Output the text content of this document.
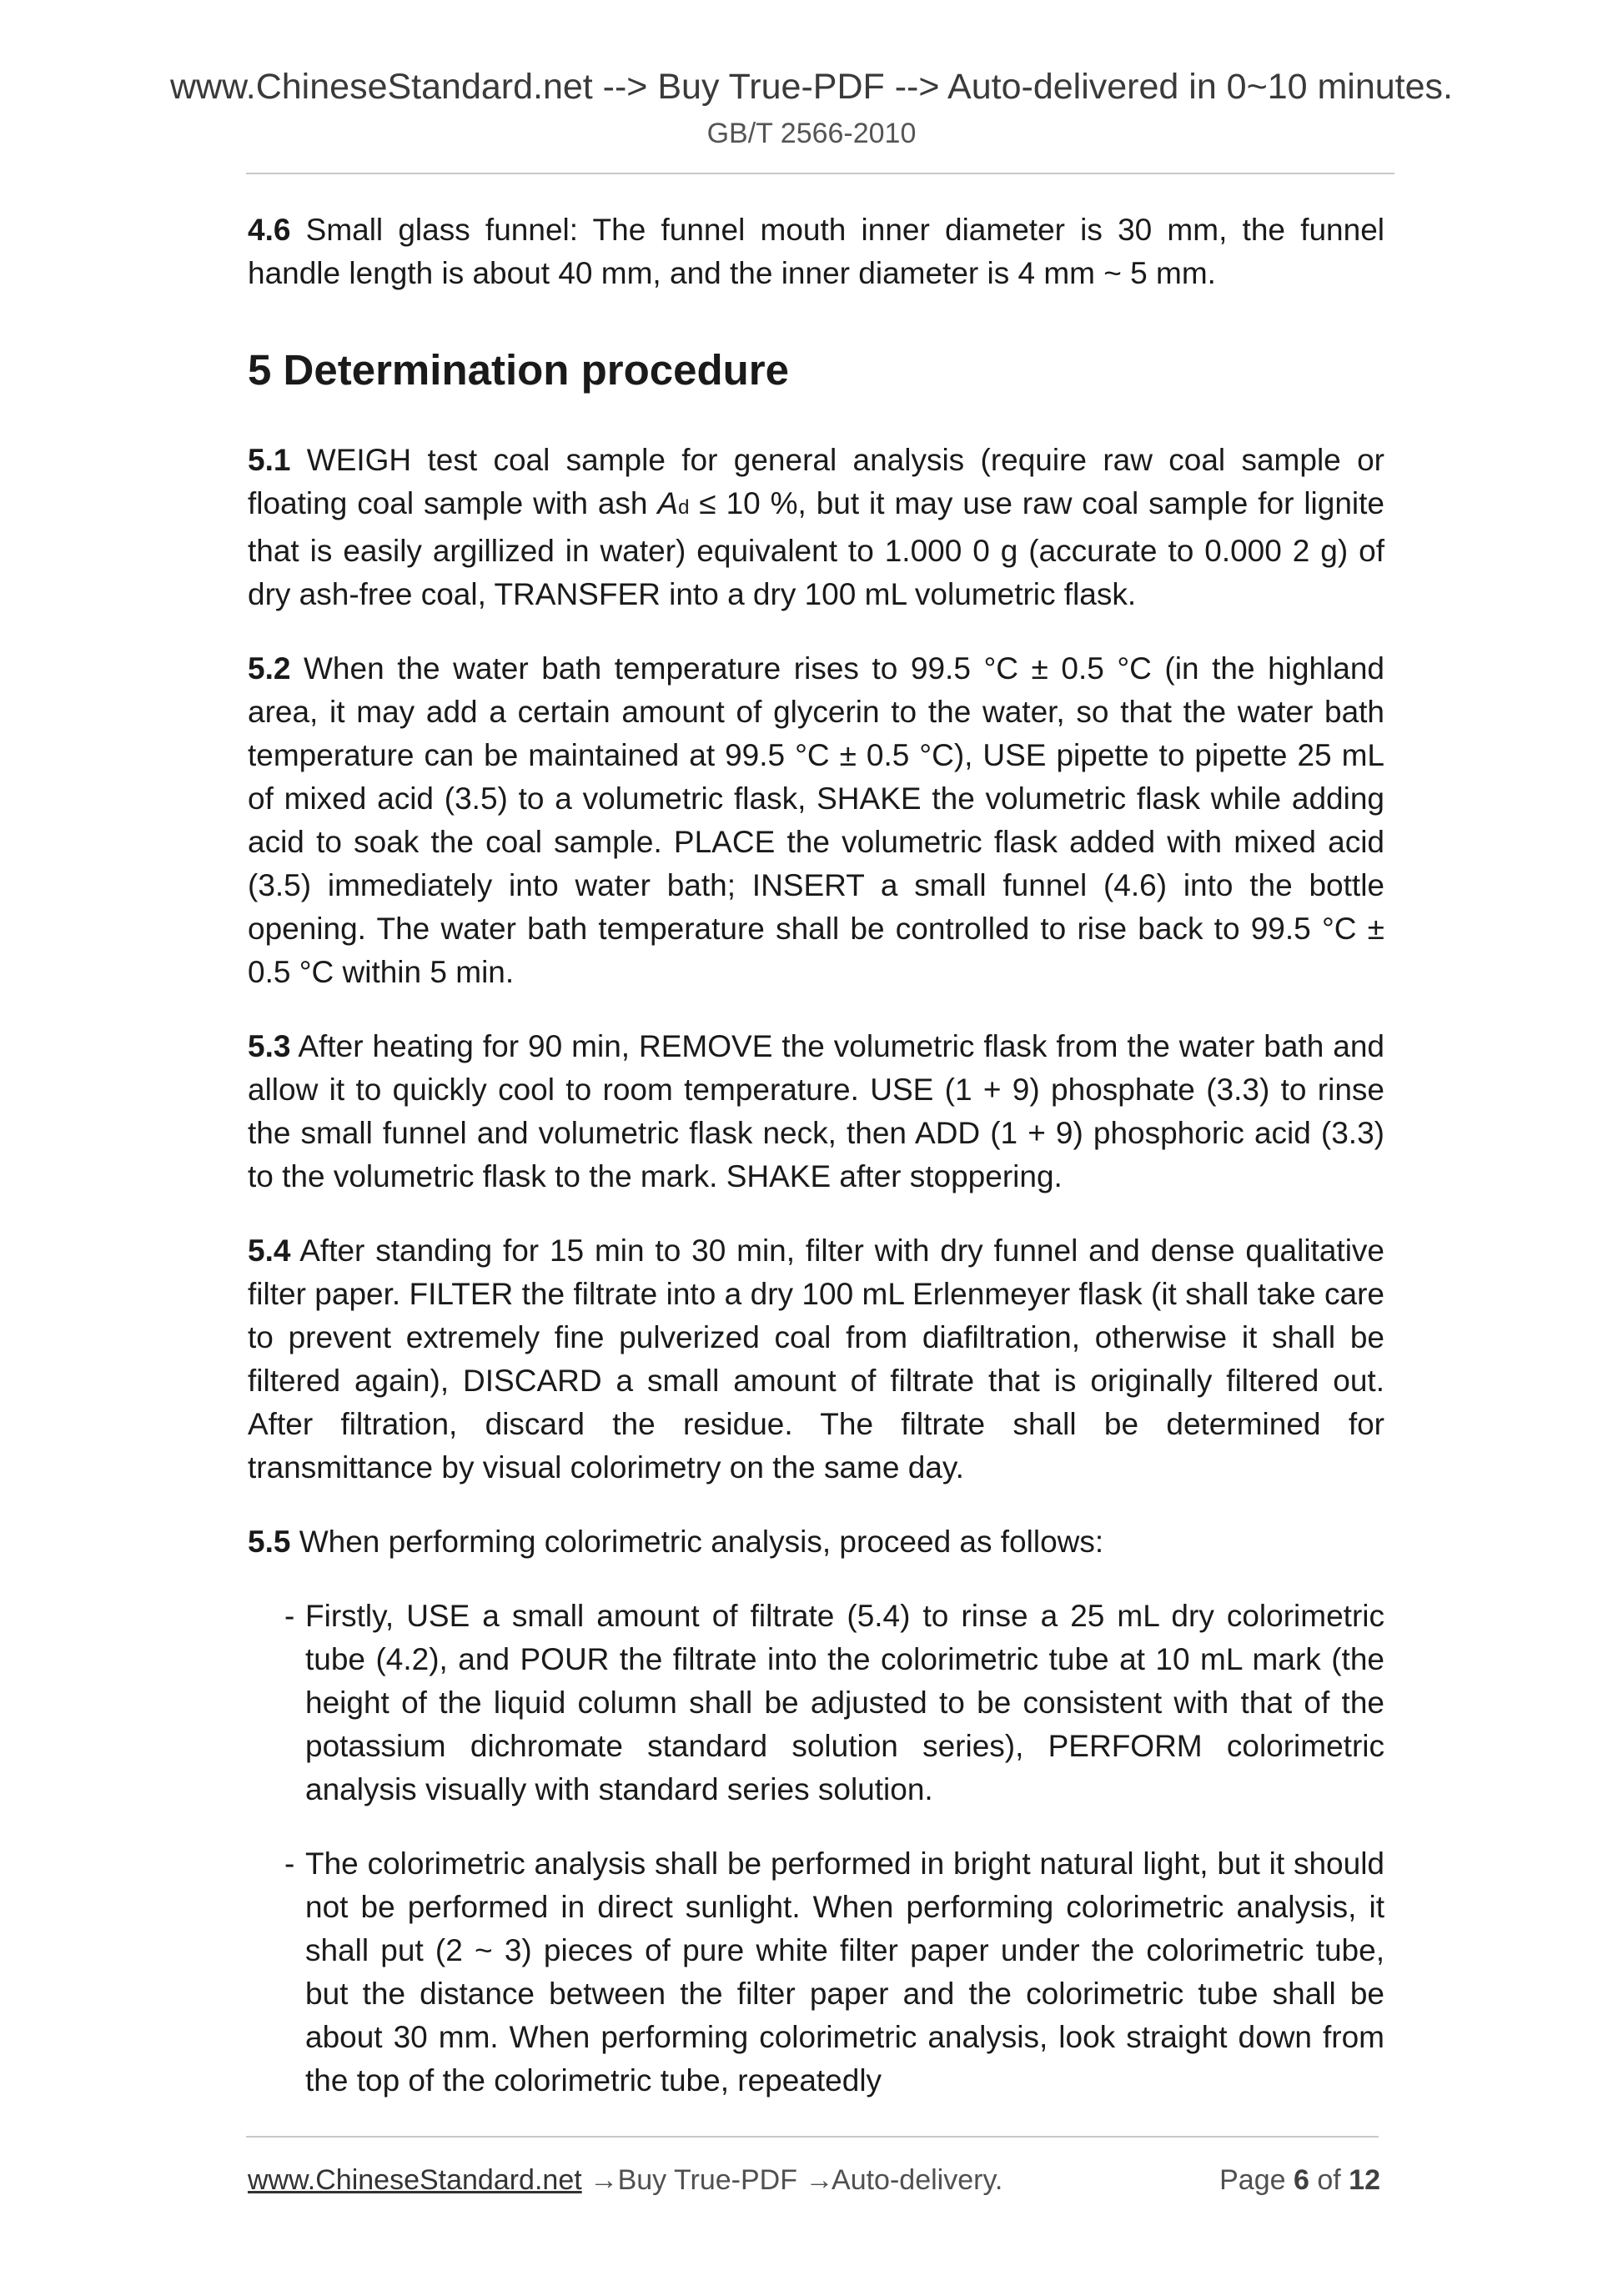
www.ChineseStandard.net --> Buy True-PDF --> Auto-delivered in 0~10 minutes.
GB/T 2566-2010

4.6 Small glass funnel: The funnel mouth inner diameter is 30 mm, the funnel handle length is about 40 mm, and the inner diameter is 4 mm ~ 5 mm.

5 Determination procedure

5.1 WEIGH test coal sample for general analysis (require raw coal sample or floating coal sample with ash Ad ≤ 10 %, but it may use raw coal sample for lignite that is easily argillized in water) equivalent to 1.000 0 g (accurate to 0.000 2 g) of dry ash-free coal, TRANSFER into a dry 100 mL volumetric flask.

5.2 When the water bath temperature rises to 99.5 °C ± 0.5 °C (in the highland area, it may add a certain amount of glycerin to the water, so that the water bath temperature can be maintained at 99.5 °C ± 0.5 °C), USE pipette to pipette 25 mL of mixed acid (3.5) to a volumetric flask, SHAKE the volumetric flask while adding acid to soak the coal sample. PLACE the volumetric flask added with mixed acid (3.5) immediately into water bath; INSERT a small funnel (4.6) into the bottle opening. The water bath temperature shall be controlled to rise back to 99.5 °C ± 0.5 °C within 5 min.

5.3 After heating for 90 min, REMOVE the volumetric flask from the water bath and allow it to quickly cool to room temperature. USE (1 + 9) phosphate (3.3) to rinse the small funnel and volumetric flask neck, then ADD (1 + 9) phosphoric acid (3.3) to the volumetric flask to the mark. SHAKE after stoppering.

5.4 After standing for 15 min to 30 min, filter with dry funnel and dense qualitative filter paper. FILTER the filtrate into a dry 100 mL Erlenmeyer flask (it shall take care to prevent extremely fine pulverized coal from diafiltration, otherwise it shall be filtered again), DISCARD a small amount of filtrate that is originally filtered out. After filtration, discard the residue. The filtrate shall be determined for transmittance by visual colorimetry on the same day.

5.5 When performing colorimetric analysis, proceed as follows:

- Firstly, USE a small amount of filtrate (5.4) to rinse a 25 mL dry colorimetric tube (4.2), and POUR the filtrate into the colorimetric tube at 10 mL mark (the height of the liquid column shall be adjusted to be consistent with that of the potassium dichromate standard solution series), PERFORM colorimetric analysis visually with standard series solution.
- The colorimetric analysis shall be performed in bright natural light, but it should not be performed in direct sunlight. When performing colorimetric analysis, it shall put (2 ~ 3) pieces of pure white filter paper under the colorimetric tube, but the distance between the filter paper and the colorimetric tube shall be about 30 mm. When performing colorimetric analysis, look straight down from the top of the colorimetric tube, repeatedly
www.ChineseStandard.net → Buy True-PDF → Auto-delivery.	Page 6 of 12
